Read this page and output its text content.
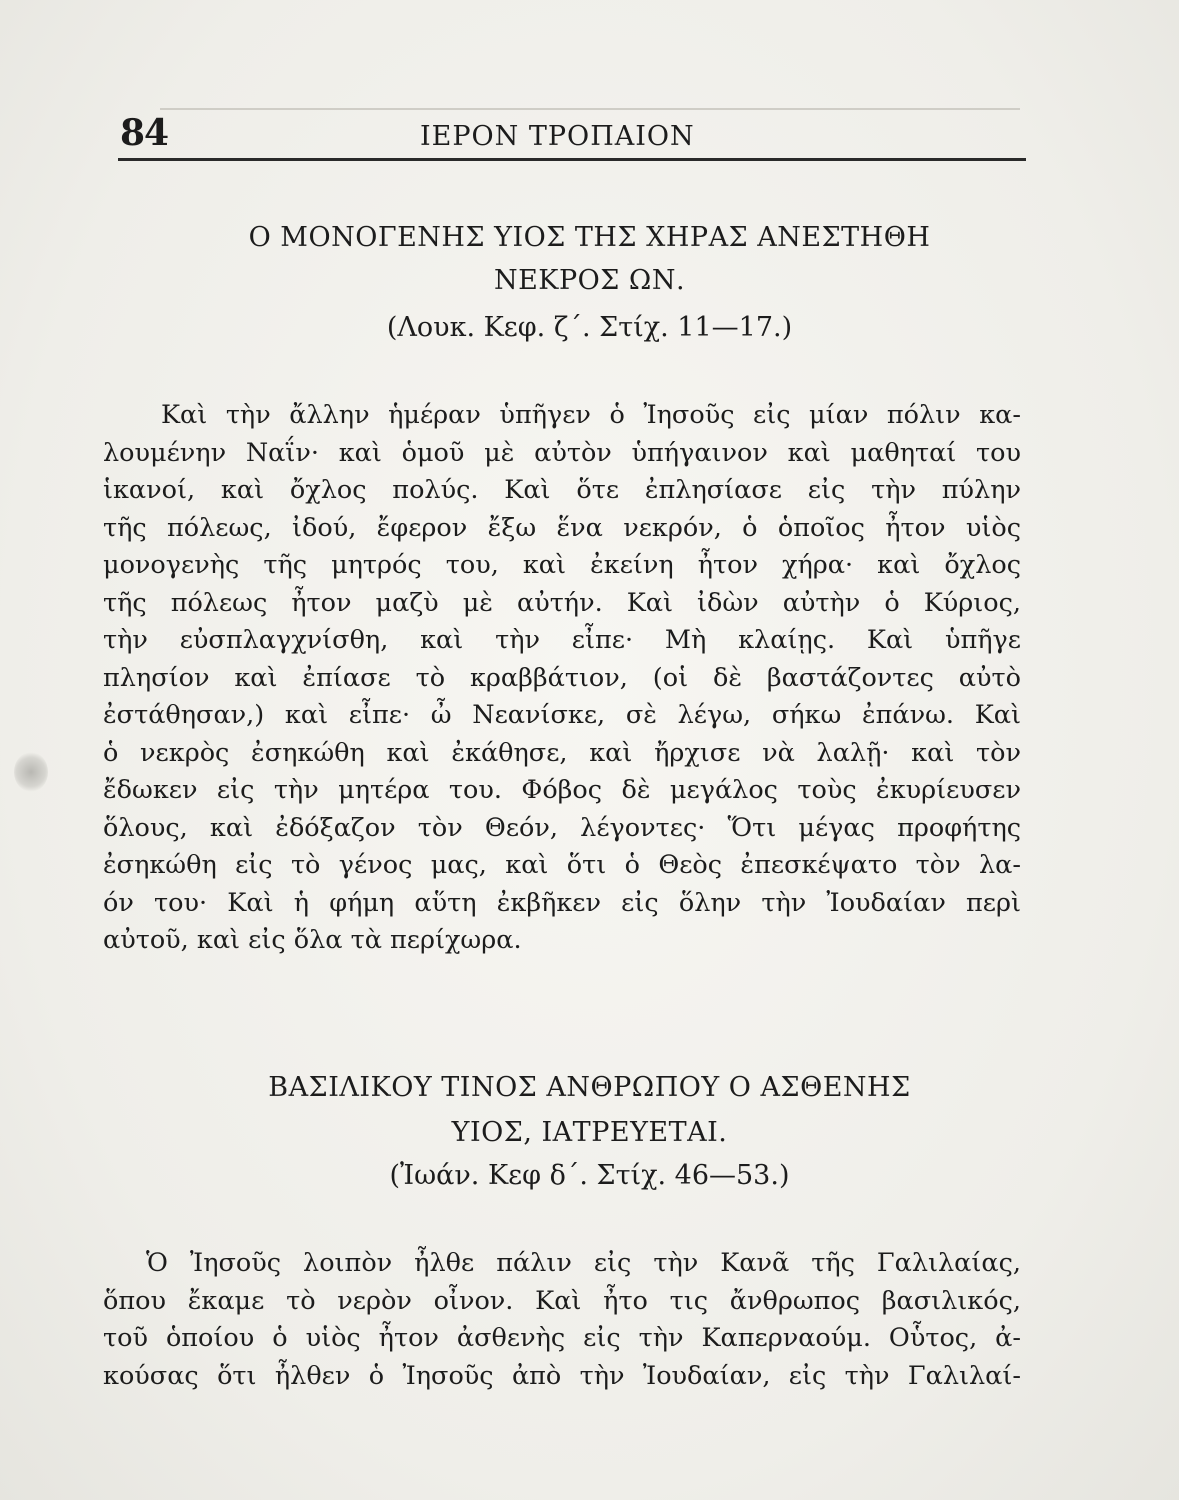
84	ΙΕΡΟΝ ΤΡΟΠΑΙΟΝ
Ο ΜΟΝΟΓΕΝΗΣ ΥΙΟΣ ΤΗΣ ΧΗΡΑΣ ΑΝΕΣΤΗΘΗ
ΝΕΚΡΟΣ ΩΝ.
(Λουκ. Κεφ. ζ΄. Στίχ. 11—17.)
Καὶ τὴν ἄλλην ἡμέραν ὑπῆγεν ὁ Ἰησοῦς εἰς μίαν πόλιν κα-
λουμένην Ναΐν· καὶ ὁμοῦ μὲ αὐτὸν ὑπήγαινον καὶ μαθηταί του
ἱκανοί, καὶ ὄχλος πολύς. Καὶ ὅτε ἐπλησίασε εἰς τὴν πύλην
τῆς πόλεως, ἰδού, ἔφερον ἔξω ἕνα νεκρόν, ὁ ὁποῖος ἦτον υἱὸς
μονογενὴς τῆς μητρός του, καὶ ἐκείνη ἦτον χήρα· καὶ ὄχλος
τῆς πόλεως ἦτον μαζὺ μὲ αὐτήν. Καὶ ἰδὼν αὐτὴν ὁ Κύριος,
τὴν εὐσπλαγχνίσθη, καὶ τὴν εἶπε· Μὴ κλαίῃς. Καὶ ὑπῆγε
πλησίον καὶ ἐπίασε τὸ κραββάτιον, (οἱ δὲ βαστάζοντες αὐτὸ
ἐστάθησαν,) καὶ εἶπε· ὦ Νεανίσκε, σὲ λέγω, σήκω ἐπάνω. Καὶ
ὁ νεκρὸς ἐσηκώθη καὶ ἐκάθησε, καὶ ἤρχισε νὰ λαλῇ· καὶ τὸν
ἔδωκεν εἰς τὴν μητέρα του. Φόβος δὲ μεγάλος τοὺς ἐκυρίευσεν
ὅλους, καὶ ἐδόξαζον τὸν Θεόν, λέγοντες· Ὅτι μέγας προφήτης
ἐσηκώθη εἰς τὸ γένος μας, καὶ ὅτι ὁ Θεὸς ἐπεσκέψατο τὸν λα-
όν του· Καὶ ἡ φήμη αὕτη ἐκβῆκεν εἰς ὅλην τὴν Ἰουδαίαν περὶ
αὐτοῦ, καὶ εἰς ὅλα τὰ περίχωρα.
ΒΑΣΙΛΙΚΟΥ ΤΙΝΟΣ ΑΝΘΡΩΠΟΥ Ο ΑΣΘΕΝΗΣ
ΥΙΟΣ, ΙΑΤΡΕΥΕΤΑΙ.
(Ἰωάν. Κεφ δ΄. Στίχ. 46—53.)
Ὁ Ἰησοῦς λοιπὸν ἦλθε πάλιν εἰς τὴν Κανᾶ τῆς Γαλιλαίας,
ὅπου ἔκαμε τὸ νερὸν οἶνον. Καὶ ἦτο τις ἄνθρωπος βασιλικός,
τοῦ ὁποίου ὁ υἱὸς ἦτον ἀσθενὴς εἰς τὴν Καπερναούμ. Οὗτος, ἀ-
κούσας ὅτι ἦλθεν ὁ Ἰησοῦς ἀπὸ τὴν Ἰουδαίαν, εἰς τὴν Γαλιλαί-
